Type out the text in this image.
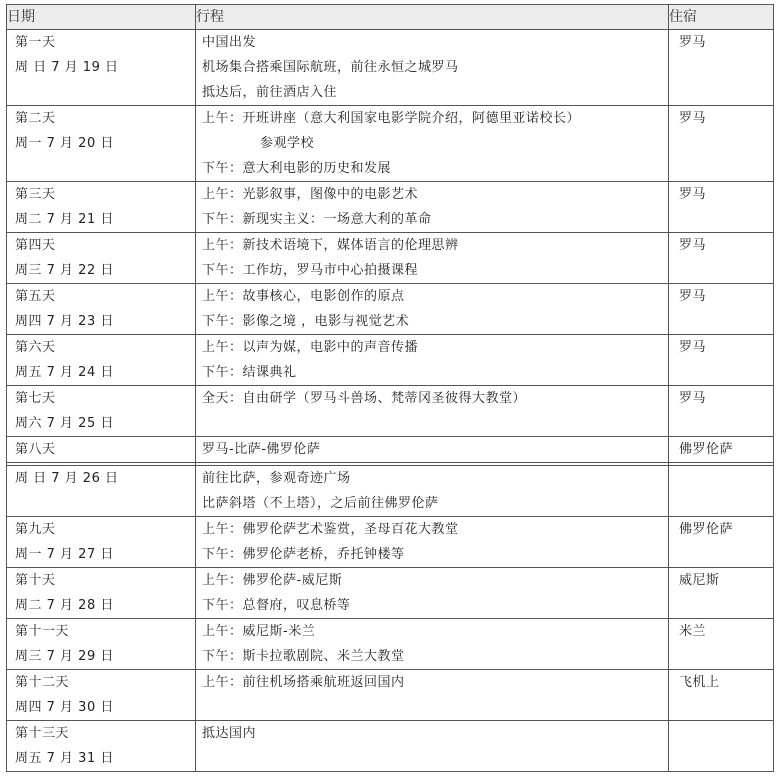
日期	行程	住宿

第一天
周 日 7 月 19 日	中国出发
机场集合搭乘国际航班，前往永恒之城罗马
抵达后，前往酒店入住	罗马

第二天
周一 7 月 20 日	上午：开班讲座（意大利国家电影学院介绍，阿德里亚诺校长）
参观学校
下午：意大利电影的历史和发展	罗马

第三天
周二 7 月 21 日	上午：光影叙事，图像中的电影艺术
下午：新现实主义：一场意大利的革命	罗马

第四天
周三 7 月 22 日	上午：新技术语境下，媒体语言的伦理思辨
下午：工作坊，罗马市中心拍摄课程	罗马

第五天
周四 7 月 23 日	上午：故事核心，电影创作的原点
下午：影像之境 ，电影与视觉艺术	罗马

第六天
周五 7 月 24 日	上午：以声为媒，电影中的声音传播
下午：结课典礼	罗马

第七天
周六 7 月 25 日	全天：自由研学（罗马斗兽场、梵蒂冈圣彼得大教堂）	罗马

第八天	罗马-比萨-佛罗伦萨	佛罗伦萨

周 日 7 月 26 日	前往比萨，参观奇迹广场
比萨斜塔（不上塔），之后前往佛罗伦萨	

第九天
周一 7 月 27 日	上午：佛罗伦萨艺术鉴赏，圣母百花大教堂
下午：佛罗伦萨老桥，乔托钟楼等	佛罗伦萨

第十天
周二 7 月 28 日	上午：佛罗伦萨-威尼斯
下午：总督府，叹息桥等	威尼斯

第十一天
周三 7 月 29 日	上午：威尼斯-米兰
下午：斯卡拉歌剧院、米兰大教堂	米兰

第十二天
周四 7 月 30 日	上午：前往机场搭乘航班返回国内	飞机上

第十三天
周五 7 月 31 日	抵达国内	
